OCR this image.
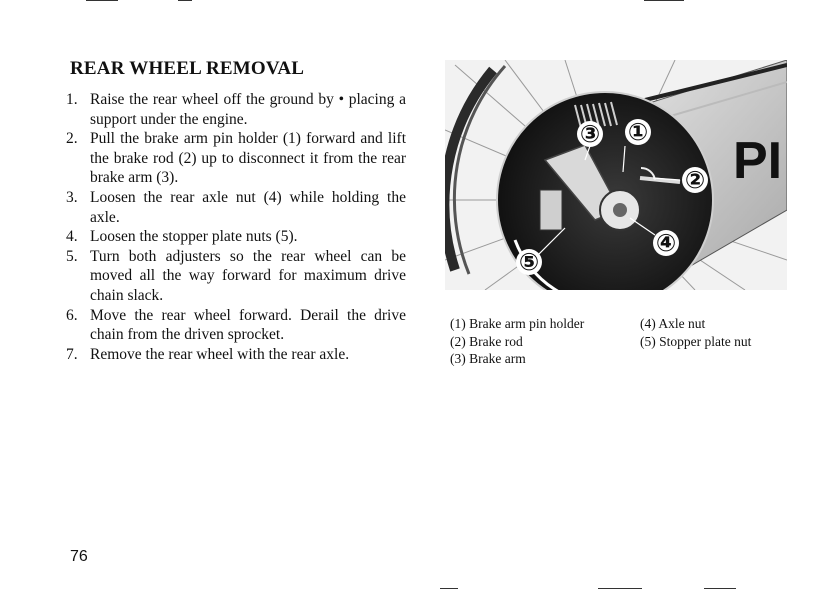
REAR WHEEL REMOVAL
1. Raise the rear wheel off the ground by • placing a support under the engine.
2. Pull the brake arm pin holder (1) forward and lift the brake rod (2) up to disconnect it from the rear brake arm (3).
3. Loosen the rear axle nut (4) while holding the axle.
4. Loosen the stopper plate nuts (5).
5. Turn both adjusters so the rear wheel can be moved all the way forward for maximum drive chain slack.
6. Move the rear wheel forward. Derail the drive chain from the driven sprocket.
7. Remove the rear wheel with the rear axle.
PI
③ ①
②
④
⑤
(1) Brake arm pin holder
(2) Brake rod
(3) Brake arm
(4) Axle nut
(5) Stopper plate nut
76
